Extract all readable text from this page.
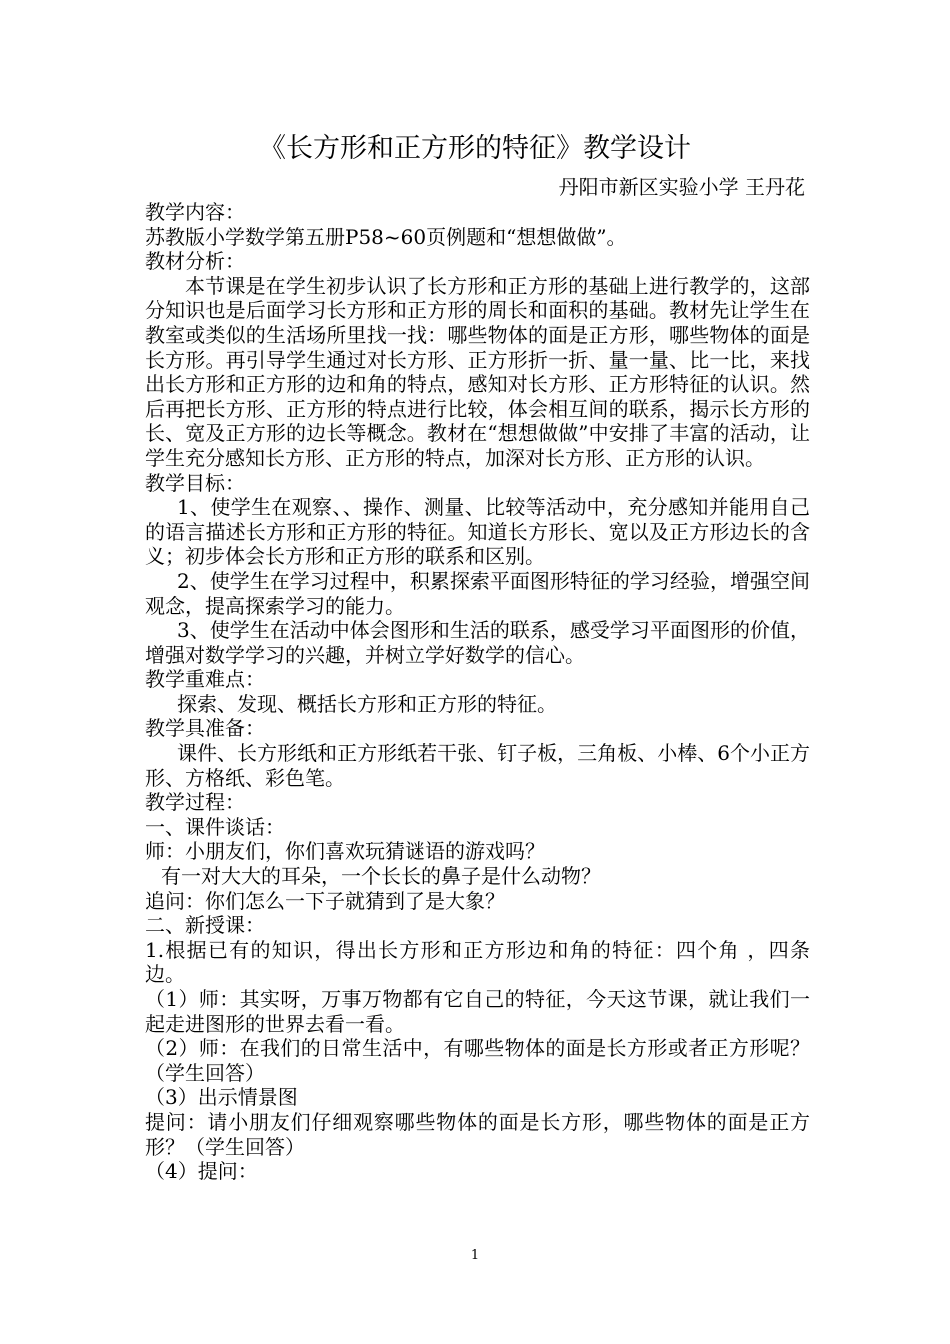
《长方形和正方形的特征》教学设计
丹阳市新区实验小学 王丹花

教学内容：

苏教版小学数学第五册P58~60页例题和“想想做做”。

教材分析：

本节课是在学生初步认识了长方形和正方形的基础上进行教学的，这部分知识也是后面学习长方形和正方形的周长和面积的基础。教材先让学生在教室或类似的生活场所里找一找：哪些物体的面是正方形，哪些物体的面是长方形。再引导学生通过对长方形、正方形折一折、量一量、比一比，来找出长方形和正方形的边和角的特点，感知对长方形、正方形特征的认识。然后再把长方形、正方形的特点进行比较，体会相互间的联系，揭示长方形的长、宽及正方形的边长等概念。教材在“想想做做”中安排了丰富的活动，让学生充分感知长方形、正方形的特点，加深对长方形、正方形的认识。

教学目标：

1、使学生在观察、、操作、测量、比较等活动中，充分感知并能用自己的语言描述长方形和正方形的特征。知道长方形长、宽以及正方形边长的含义；初步体会长方形和正方形的联系和区别。

2、使学生在学习过程中，积累探索平面图形特征的学习经验，增强空间观念，提高探索学习的能力。

3、使学生在活动中体会图形和生活的联系，感受学习平面图形的价值，增强对数学学习的兴趣，并树立学好数学的信心。

教学重难点：

探索、发现、概括长方形和正方形的特征。

教学具准备：

课件、长方形纸和正方形纸若干张、钉子板，三角板、小棒、6个小正方形、方格纸、彩色笔。

教学过程：

一、课件谈话：

师：小朋友们，你们喜欢玩猜谜语的游戏吗？

有一对大大的耳朵，一个长长的鼻子是什么动物？

追问：你们怎么一下子就猜到了是大象？

二、新授课：

1.根据已有的知识，得出长方形和正方形边和角的特征：四个角 ，四条边。

（1）师：其实呀，万事万物都有它自己的特征，今天这节课，就让我们一起走进图形的世界去看一看。

（2）师：在我们的日常生活中，有哪些物体的面是长方形或者正方形呢？（学生回答）

（3）出示情景图

提问：请小朋友们仔细观察哪些物体的面是长方形，哪些物体的面是正方形？（学生回答）

（4）提问：

1
